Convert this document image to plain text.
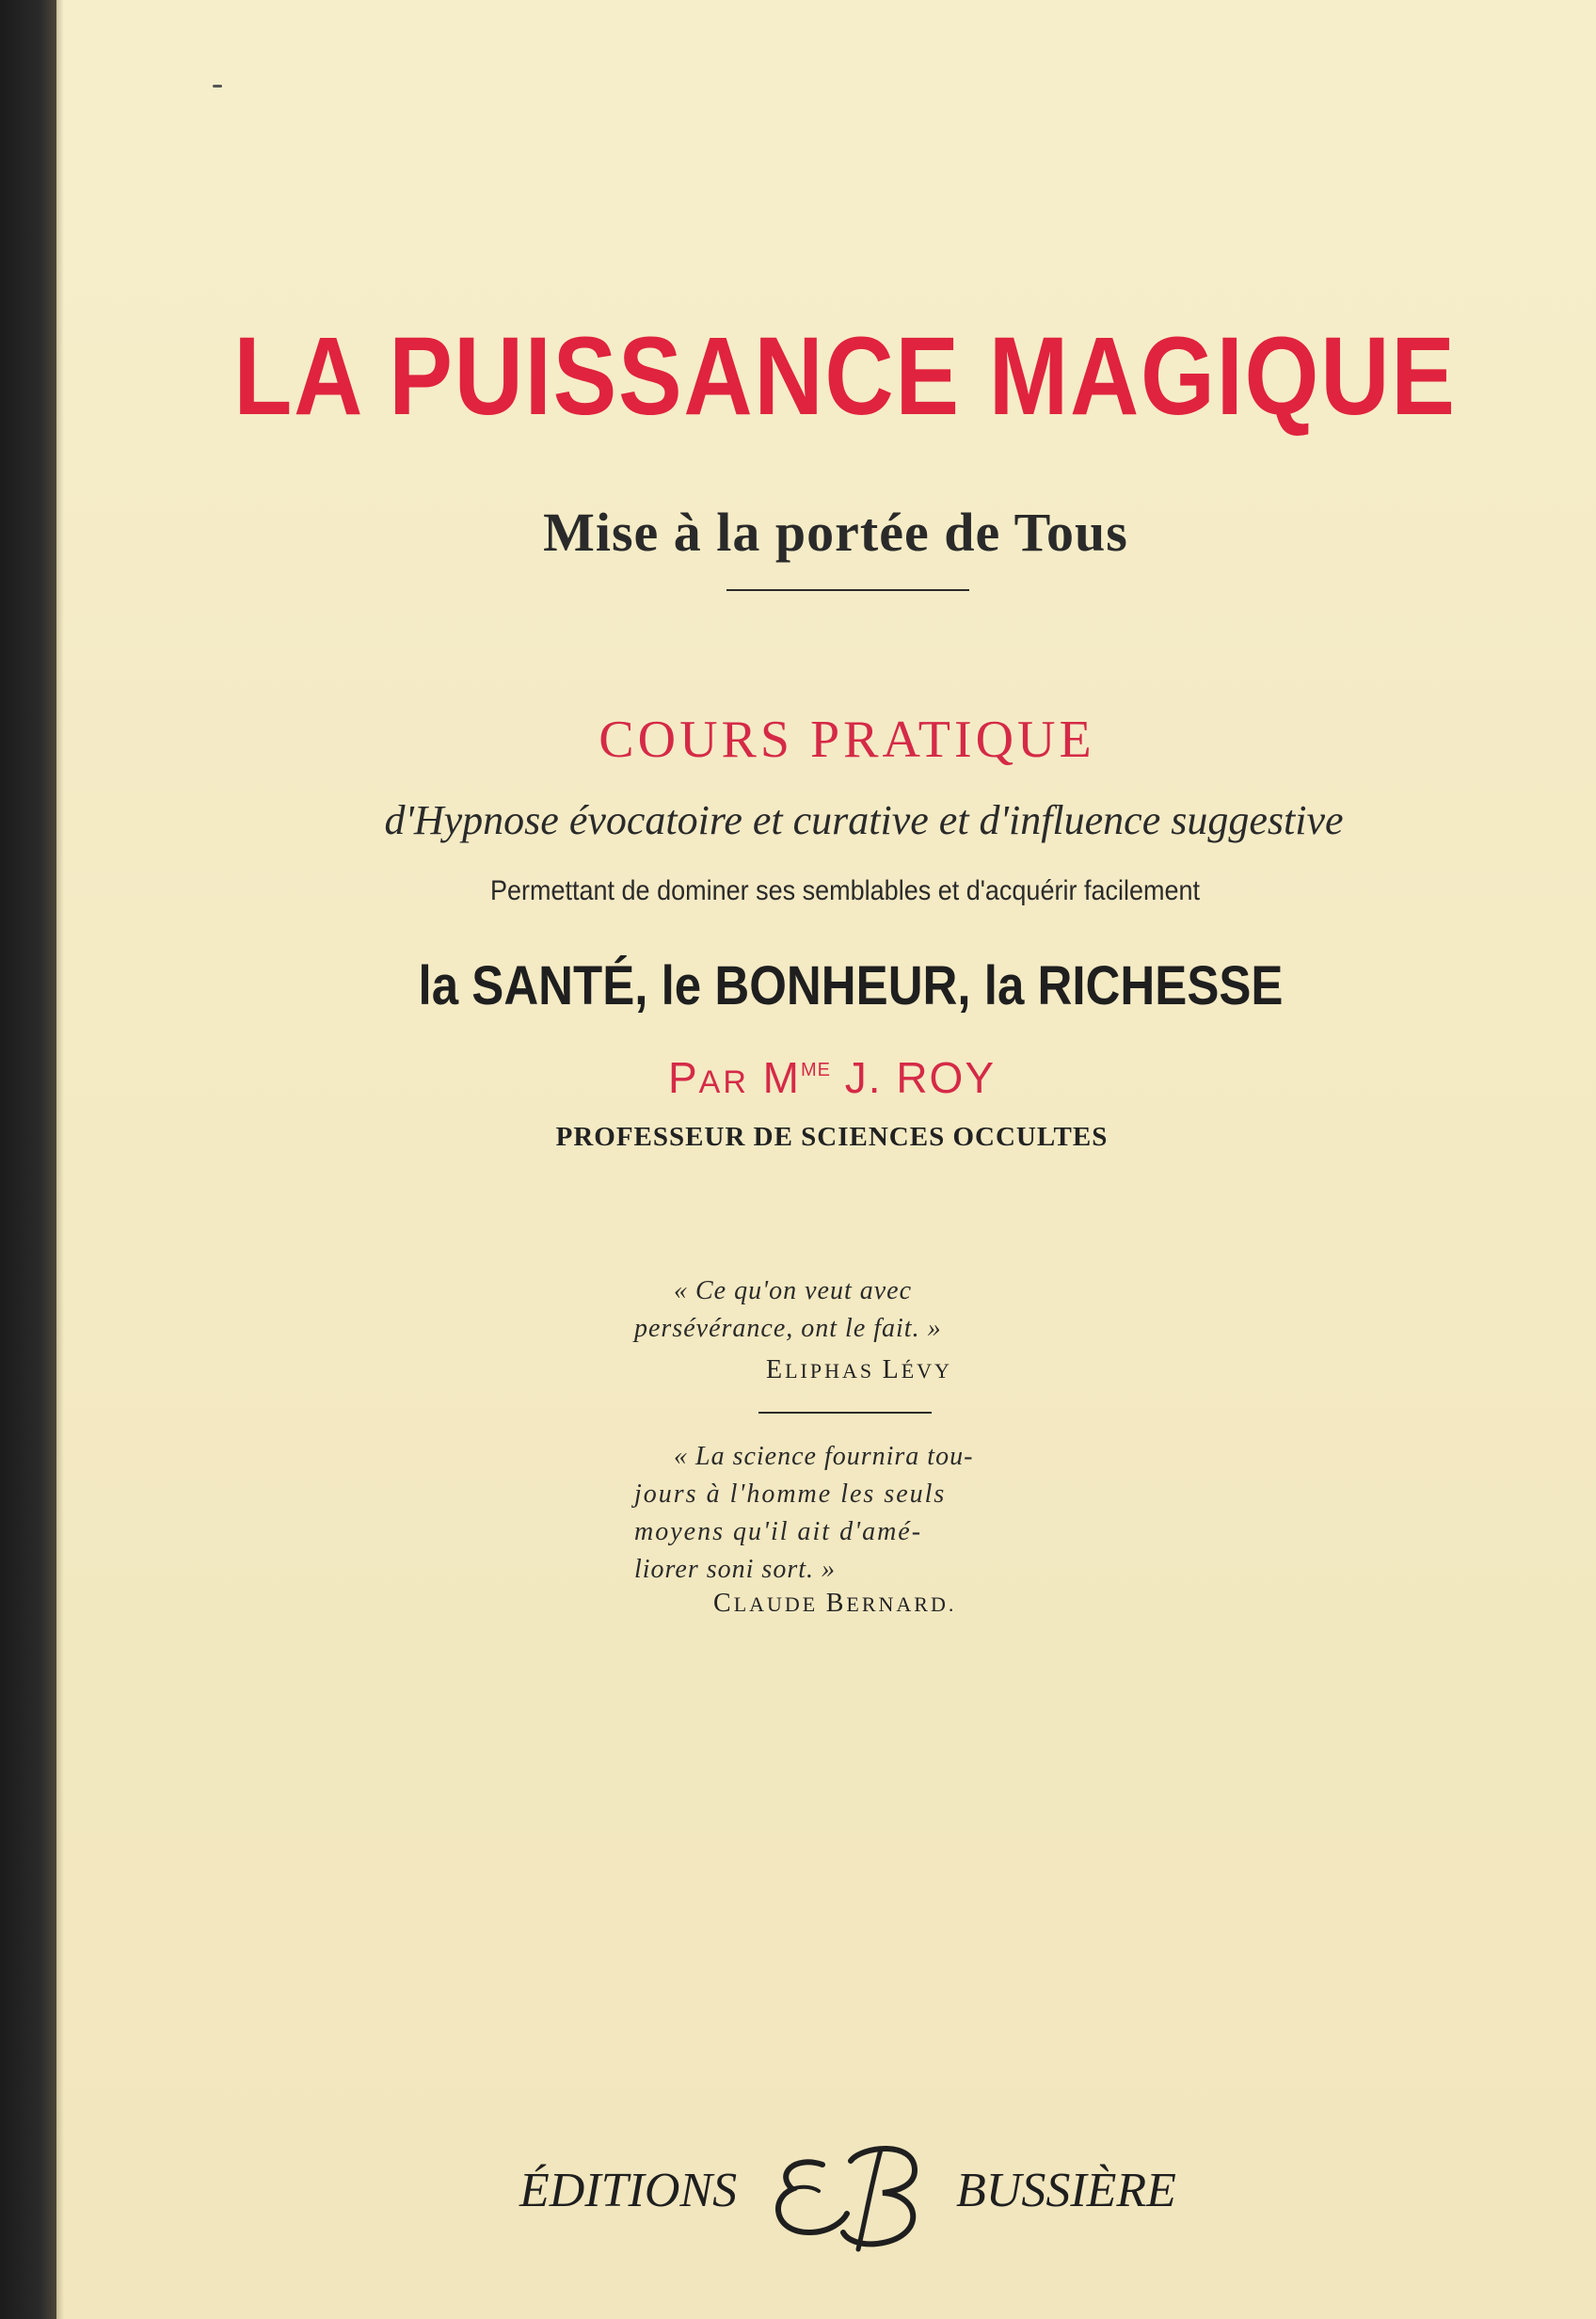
LA PUISSANCE MAGIQUE
Mise à la portée de Tous
COURS PRATIQUE
d'Hypnose évocatoire et curative et d'influence suggestive
Permettant de dominer ses semblables et d'acquérir facilement
la SANTÉ, le BONHEUR, la RICHESSE
PAR $M^{ME}$ J. ROY
PROFESSEUR DE SCIENCES OCCULTES
« Ce qu'on veut avec
persévérance, ont le fait. »
ELIPHAS LÉVY
« La science fournira tou-
jours à l'homme les seuls
moyens qu'il ait d'amé-
liorer soni sort. »
CLAUDE BERNARD.
ÉDITIONS	BUSSIÈRE
